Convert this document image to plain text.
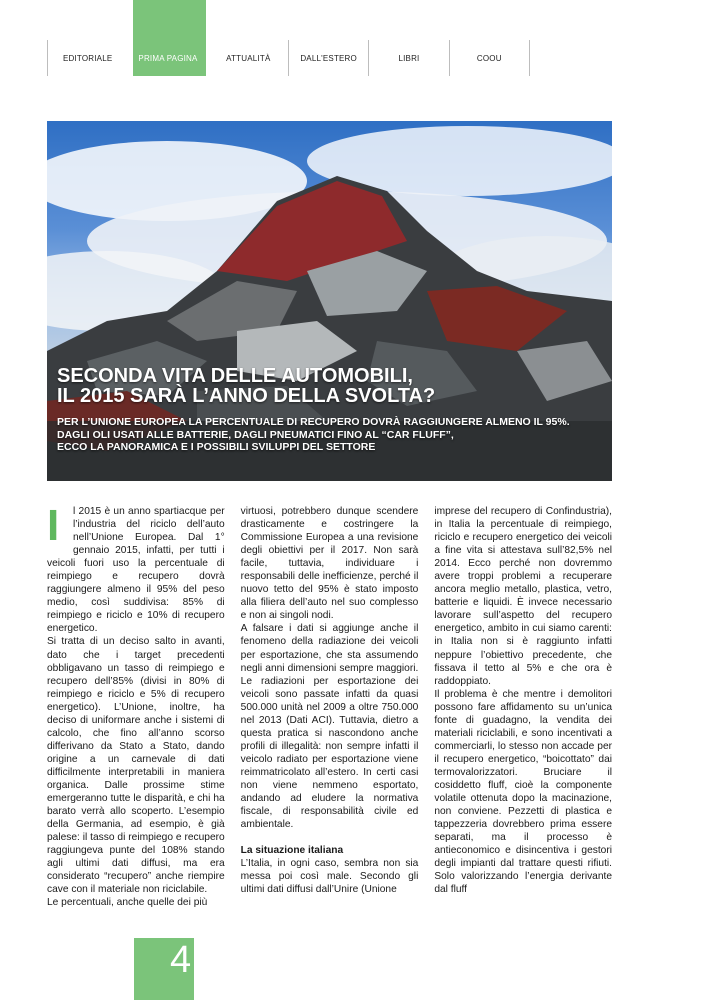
EDITORIALE	PRIMA PAGINA	ATTUALITÀ	DALL'ESTERO	LIBRI	COOU
SECONDA VITA DELLE AUTOMOBILI,
IL 2015 SARÀ L’ANNO DELLA SVOLTA?
PER L’UNIONE EUROPEA LA PERCENTUALE DI RECUPERO DOVRÀ RAGGIUNGERE ALMENO IL 95%.
DAGLI OLI USATI ALLE BATTERIE, DAGLI PNEUMATICI FINO AL “CAR FLUFF”,
ECCO LA PANORAMICA E I POSSIBILI SVILUPPI DEL SETTORE

I	l 2015 è un anno spartiacque per l’industria del riciclo dell’auto nell’Unione Europea. Dal 1° gennaio 2015, infatti, per tutti i veicoli fuori uso la percentuale di reimpiego e recupero dovrà raggiungere almeno il 95% del peso medio, così suddivisa: 85% di reimpiego e riciclo e 10% di recupero energetico.

Si tratta di un deciso salto in avanti, dato che i target precedenti obbligavano un tasso di reimpiego e recupero dell’85% (divisi in 80% di reimpiego e riciclo e 5% di recupero energetico). L’Unione, inoltre, ha deciso di uniformare anche i sistemi di calcolo, che fino all’anno scorso differivano da Stato a Stato, dando origine a un carnevale di dati difficilmente interpretabili in maniera organica. Dalle prossime stime emergeranno tutte le disparità, e chi ha barato verrà allo scoperto. L’esempio della Germania, ad esempio, è già palese: il tasso di reimpiego e recupero raggiungeva punte del 108% stando agli ultimi dati diffusi, ma era considerato “recupero” anche riempire cave con il materiale non riciclabile.

Le percentuali, anche quelle dei più

virtuosi, potrebbero dunque scendere drasticamente e costringere la Commissione Europea a una revisione degli obiettivi per il 2017. Non sarà facile, tuttavia, individuare i responsabili delle inefficienze, perché il nuovo tetto del 95% è stato imposto alla filiera dell’auto nel suo complesso e non ai singoli nodi.

A falsare i dati si aggiunge anche il fenomeno della radiazione dei veicoli per esportazione, che sta assumendo negli anni dimensioni sempre maggiori. Le radiazioni per esportazione dei veicoli sono passate infatti da quasi 500.000 unità nel 2009 a oltre 750.000 nel 2013 (Dati ACI). Tuttavia, dietro a questa pratica si nascondono anche profili di illegalità: non sempre infatti il veicolo radiato per esportazione viene reimmatricolato all’estero. In certi casi non viene nemmeno esportato, andando ad eludere la normativa fiscale, di responsabilità civile ed ambientale.

La situazione italiana

L’Italia, in ogni caso, sembra non sia messa poi così male. Secondo gli ultimi dati diffusi dall’Unire (Unione

imprese del recupero di Confindustria), in Italia la percentuale di reimpiego, riciclo e recupero energetico dei veicoli a fine vita si attestava sull’82,5% nel 2014. Ecco perché non dovremmo avere troppi problemi a recuperare ancora meglio metallo, plastica, vetro, batterie e liquidi. È invece necessario lavorare sull’aspetto del recupero energetico, ambito in cui siamo carenti: in Italia non si è raggiunto infatti neppure l’obiettivo precedente, che fissava il tetto al 5% e che ora è raddoppiato.

Il problema è che mentre i demolitori possono fare affidamento su un’unica fonte di guadagno, la vendita dei materiali riciclabili, e sono incentivati a commerciarli, lo stesso non accade per il recupero energetico, “boicottato” dai termovalorizzatori. Bruciare il cosiddetto fluff, cioè la componente volatile ottenuta dopo la macinazione, non conviene. Pezzetti di plastica e tappezzeria dovrebbero prima essere separati, ma il processo è antieconomico e disincentiva i gestori degli impianti dal trattare questi rifiuti. Solo valorizzando l’energia derivante dal fluff

4
